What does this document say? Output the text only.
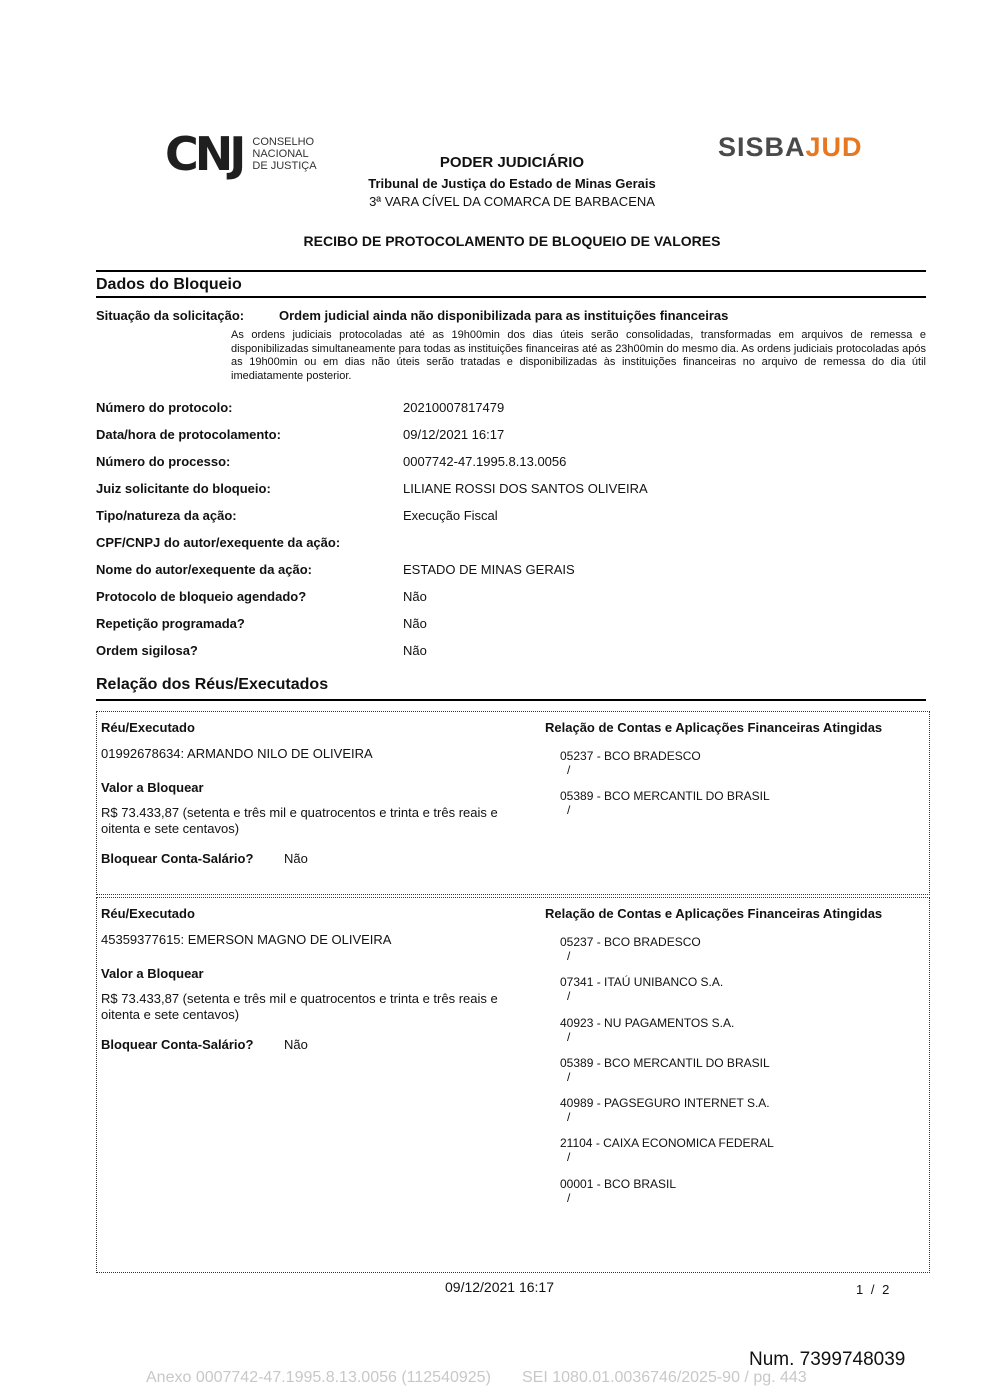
CNJ CONSELHO
NACIONAL
DE JUSTIÇA
SISBAJUD
PODER JUDICIÁRIO
Tribunal de Justiça do Estado de Minas Gerais
3ª VARA CÍVEL DA COMARCA DE BARBACENA
RECIBO DE PROTOCOLAMENTO DE BLOQUEIO DE VALORES
Dados do Bloqueio
Situação da solicitação:	Ordem judicial ainda não disponibilizada para as instituições financeiras
As ordens judiciais protocoladas até as 19h00min dos dias úteis serão consolidadas, transformadas em arquivos de remessa e disponibilizadas simultaneamente para todas as instituições financeiras até as 23h00min do mesmo dia. As ordens judiciais protocoladas após as 19h00min ou em dias não úteis serão tratadas e disponibilizadas às instituições financeiras no arquivo de remessa do dia útil imediatamente posterior.
Número do protocolo:	20210007817479
Data/hora de protocolamento:	09/12/2021 16:17
Número do processo:	0007742-47.1995.8.13.0056
Juiz solicitante do bloqueio:	LILIANE ROSSI DOS SANTOS OLIVEIRA
Tipo/natureza da ação:	Execução Fiscal
CPF/CNPJ do autor/exequente da ação:
Nome do autor/exequente da ação:	ESTADO DE MINAS GERAIS
Protocolo de bloqueio agendado?	Não
Repetição programada?	Não
Ordem sigilosa?	Não
Relação dos Réus/Executados
Réu/Executado	Relação de Contas e Aplicações Financeiras Atingidas
01992678634: ARMANDO NILO DE OLIVEIRA
Valor a Bloquear
R$ 73.433,87 (setenta e três mil e quatrocentos e trinta e três reais e oitenta e sete centavos)
Bloquear Conta-Salário? Não
05237 - BCO BRADESCO
/
05389 - BCO MERCANTIL DO BRASIL
/
Réu/Executado	Relação de Contas e Aplicações Financeiras Atingidas
45359377615: EMERSON MAGNO DE OLIVEIRA
Valor a Bloquear
R$ 73.433,87 (setenta e três mil e quatrocentos e trinta e três reais e oitenta e sete centavos)
Bloquear Conta-Salário? Não
05237 - BCO BRADESCO
/
07341 - ITAÚ UNIBANCO S.A.
/
40923 - NU PAGAMENTOS S.A.
/
05389 - BCO MERCANTIL DO BRASIL
/
40989 - PAGSEGURO INTERNET S.A.
/
21104 - CAIXA ECONOMICA FEDERAL
/
00001 - BCO BRASIL
/
09/12/2021 16:17	1 / 2
Num. 7399748039
Anexo 0007742-47.1995.8.13.0056 (112540925)       SEI 1080.01.0036746/2025-90 / pg. 443
